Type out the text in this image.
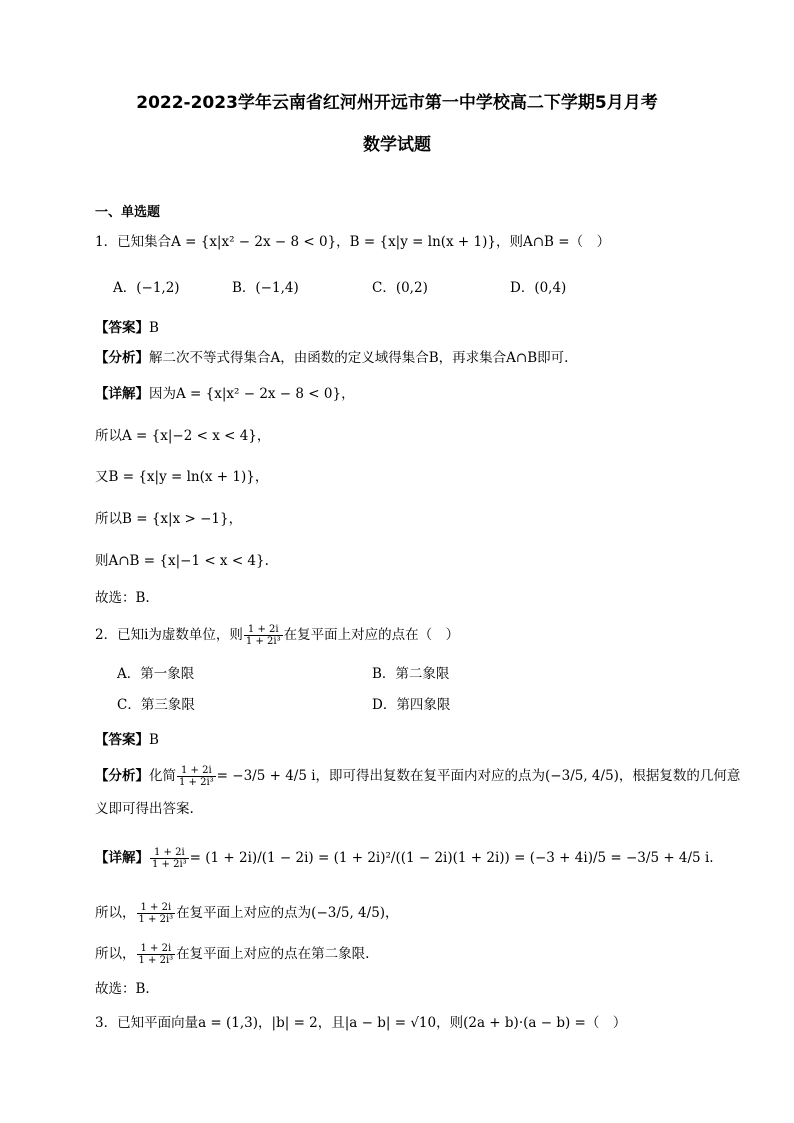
2022-2023学年云南省红河州开远市第一中学校高二下学期5月月考
数学试题
一、单选题
1．已知集合A = {x|x² − 2x − 8 < 0}，B = {x|y = ln(x + 1)}，则A∩B =（　）
A．(−1,2)	B．(−1,4)	C．(0,2)	D．(0,4)
【答案】B
【分析】解二次不等式得集合A，由函数的定义域得集合B，再求集合A∩B即可.
【详解】因为A = {x|x² − 2x − 8 < 0}，
所以A = {x|−2 < x < 4}，
又B = {x|y = ln(x + 1)}，
所以B = {x|x > −1}，
则A∩B = {x|−1 < x < 4}.
故选：B.
2．已知i为虚数单位，则 $\frac{1 + 2i}{\text{1 + 2i³}}$ 在复平面上对应的点在（　）
A．第一象限	B．第二象限
C．第三象限	D．第四象限
【答案】B
【分析】化简 $\frac{1 + 2i}{\text{1 + 2i³}} = -3/5 + 4/5$ i，即可得出复数在复平面内对应的点为(−3/5, 4/5)，根据复数的几何意
义即可得出答案.
【详解】 $\frac{1 + 2i}{\text{1 + 2i³}} = (1 + 2i)/(1 - 2i) = (1 + 2i)^2/((1 - 2i)(1 + 2i)) = (-3 + 4i)/5 = -3/5 + 4/5$ i.
所以， $\frac{1 + 2i}{\text{1 + 2i³}}$ 在复平面上对应的点为(−3/5, 4/5)，
所以， $\frac{1 + 2i}{\text{1 + 2i³}}$ 在复平面上对应的点在第二象限.
故选：B.
3．已知平面向量a = (1,3)，|b| = 2，且|a − b| = √10，则(2a + b)·(a − b) =（　）
